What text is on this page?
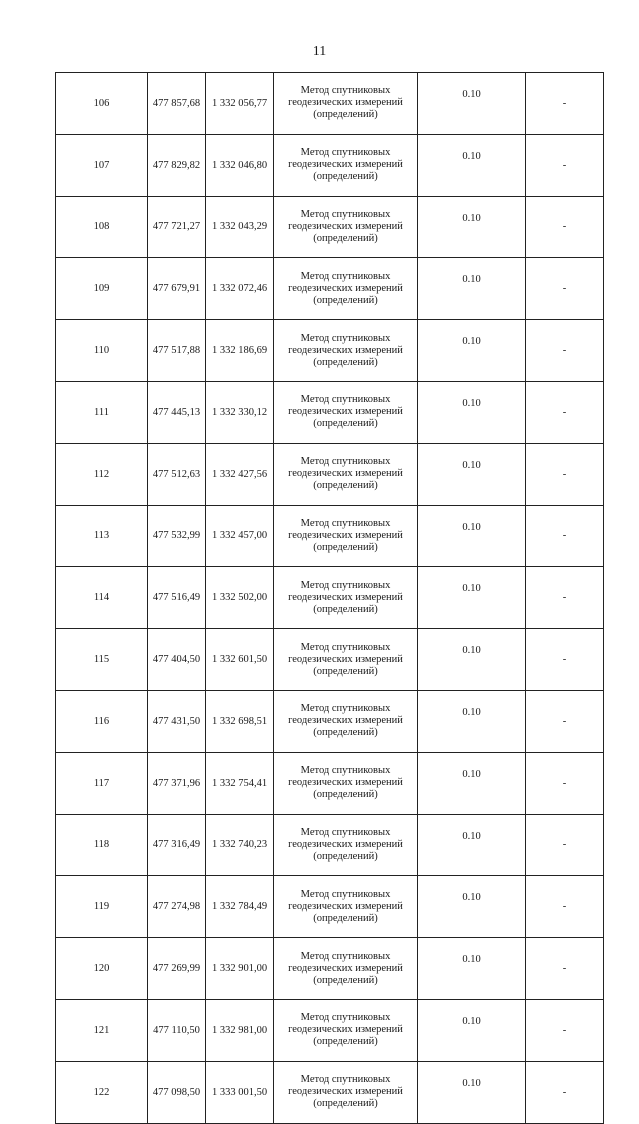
11
106	477 857,68	1 332 056,77	Метод спутниковых
геодезических измерений
(определений)	0.10	-
107	477 829,82	1 332 046,80	Метод спутниковых
геодезических измерений
(определений)	0.10	-
108	477 721,27	1 332 043,29	Метод спутниковых
геодезических измерений
(определений)	0.10	-
109	477 679,91	1 332 072,46	Метод спутниковых
геодезических измерений
(определений)	0.10	-
110	477 517,88	1 332 186,69	Метод спутниковых
геодезических измерений
(определений)	0.10	-
111	477 445,13	1 332 330,12	Метод спутниковых
геодезических измерений
(определений)	0.10	-
112	477 512,63	1 332 427,56	Метод спутниковых
геодезических измерений
(определений)	0.10	-
113	477 532,99	1 332 457,00	Метод спутниковых
геодезических измерений
(определений)	0.10	-
114	477 516,49	1 332 502,00	Метод спутниковых
геодезических измерений
(определений)	0.10	-
115	477 404,50	1 332 601,50	Метод спутниковых
геодезических измерений
(определений)	0.10	-
116	477 431,50	1 332 698,51	Метод спутниковых
геодезических измерений
(определений)	0.10	-
117	477 371,96	1 332 754,41	Метод спутниковых
геодезических измерений
(определений)	0.10	-
118	477 316,49	1 332 740,23	Метод спутниковых
геодезических измерений
(определений)	0.10	-
119	477 274,98	1 332 784,49	Метод спутниковых
геодезических измерений
(определений)	0.10	-
120	477 269,99	1 332 901,00	Метод спутниковых
геодезических измерений
(определений)	0.10	-
121	477 110,50	1 332 981,00	Метод спутниковых
геодезических измерений
(определений)	0.10	-
122	477 098,50	1 333 001,50	Метод спутниковых
геодезических измерений
(определений)	0.10	-
